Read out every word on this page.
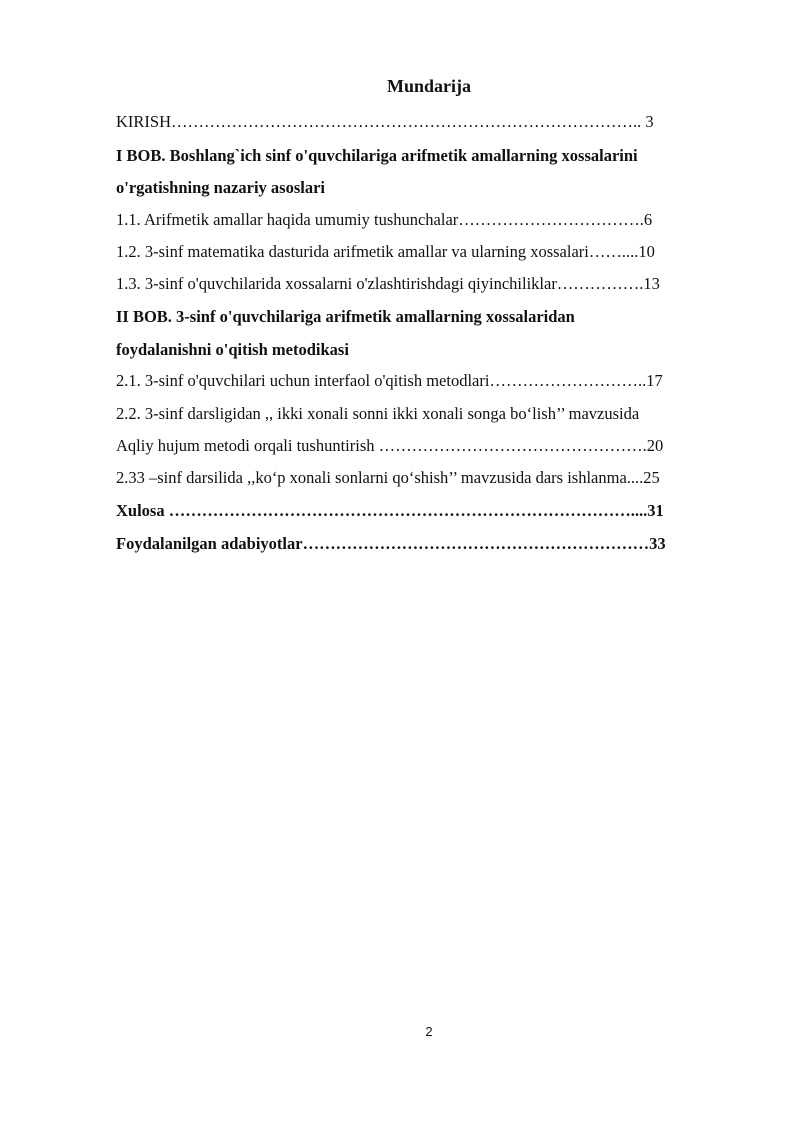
Mundarija
KIRISH………………………………………………………………………….. 3
I BOB. Boshlang`ich sinf o'quvchilariga arifmetik amallarning xossalarini
o'rgatishning nazariy asoslari
1.1. Arifmetik amallar haqida umumiy tushunchalar…………………………….6
1.2. 3-sinf matematika dasturida arifmetik amallar va ularning xossalari……....10
1.3. 3-sinf o'quvchilarida xossalarni o'zlashtirishdagi qiyinchiliklar…………….13
II BOB. 3-sinf o'quvchilariga arifmetik amallarning xossalaridan
foydalanishni o'qitish metodikasi
2.1. 3-sinf o'quvchilari uchun interfaol o'qitish metodlari………………………..17
2.2. 3-sinf darsligidan ,, ikki xonali sonni ikki xonali songa bo‘lish’’ mavzusida
Aqliy hujum metodi orqali tushuntirish ………………………………………….20
2.33 –sinf darsilida ,,ko‘p xonali sonlarni qo‘shish’’ mavzusida dars ishlanma....25
Xulosa …………………………………………………………………………....31
Foydalanilgan adabiyotlar………………………………………………………33
2
